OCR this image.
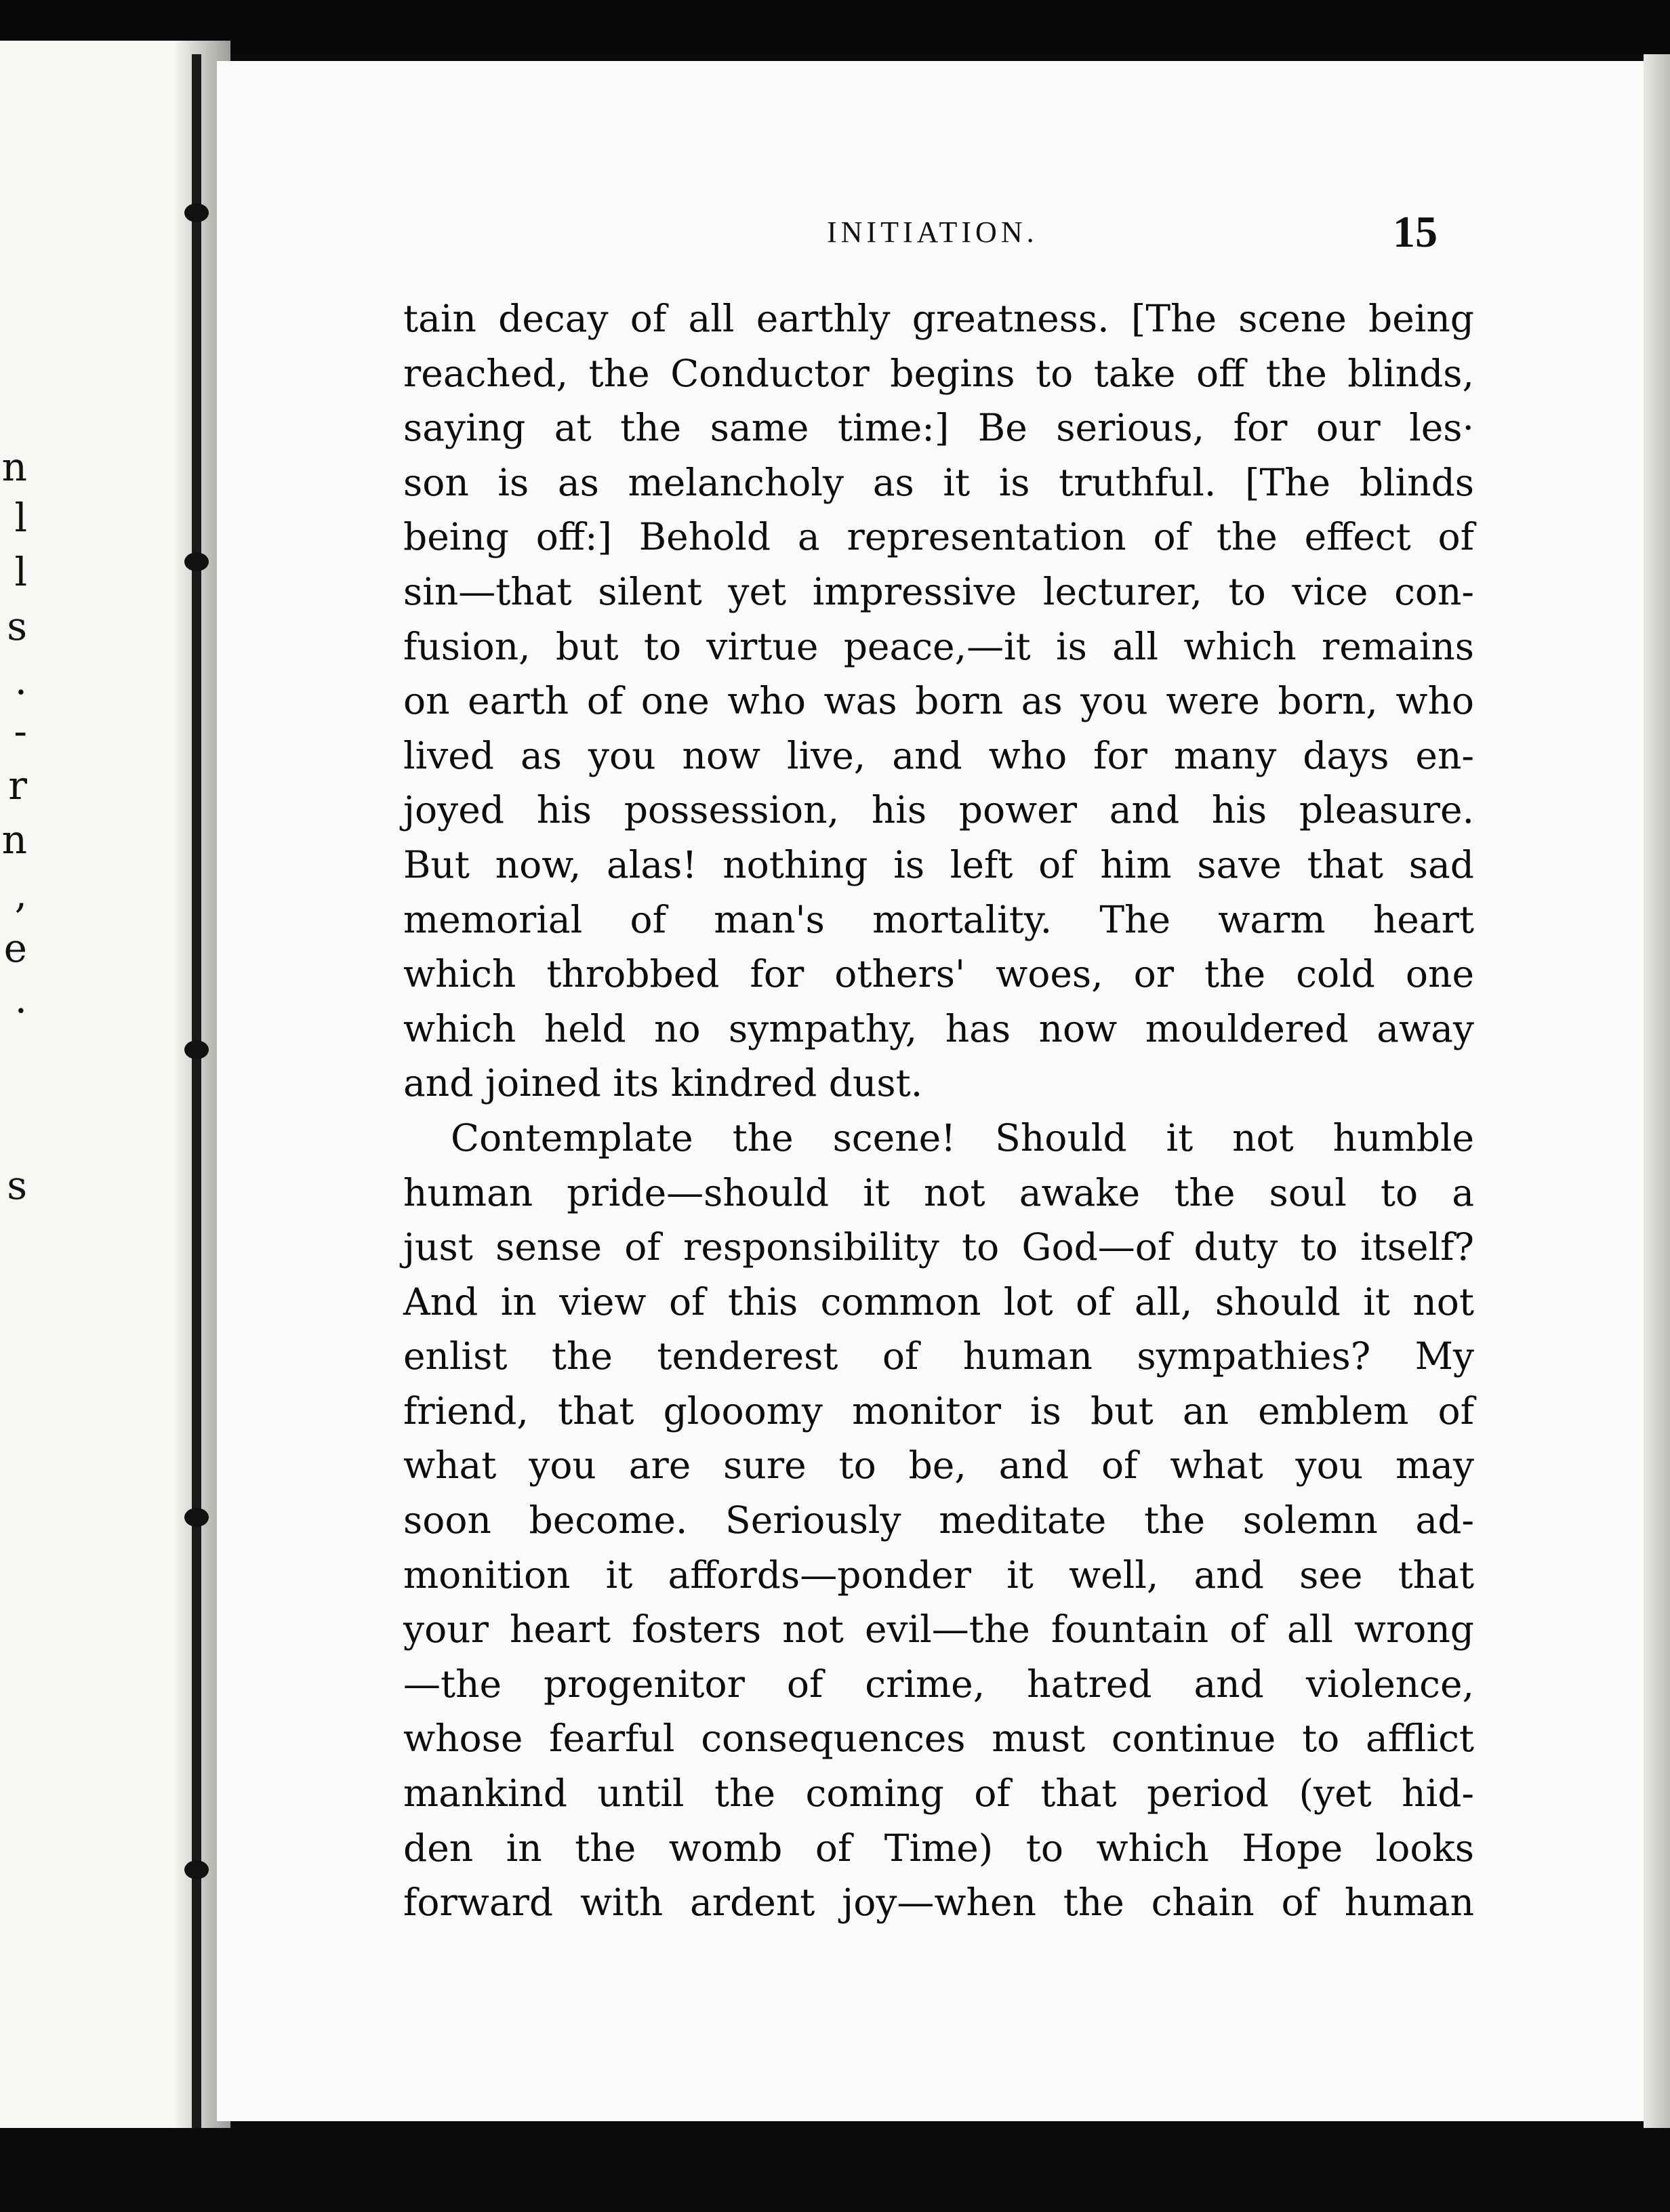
n
l
l
s
.
-
r
n
,
e
.
s
INITIATION.	15
tain decay of all earthly greatness. [The scene being
reached, the Conductor begins to take off the blinds,
saying at the same time:] Be serious, for our les·
son is as melancholy as it is truthful. [The blinds
being off:] Behold a representation of the effect of
sin—that silent yet impressive lecturer, to vice con-
fusion, but to virtue peace,—it is all which remains
on earth of one who was born as you were born, who
lived as you now live, and who for many days en-
joyed his possession, his power and his pleasure.
But now, alas! nothing is left of him save that sad
memorial of man's mortality. The warm heart
which throbbed for others' woes, or the cold one
which held no sympathy, has now mouldered away
and joined its kindred dust.
Contemplate the scene! Should it not humble
human pride—should it not awake the soul to a
just sense of responsibility to God—of duty to itself?
And in view of this common lot of all, should it not
enlist the tenderest of human sympathies? My
friend, that glooomy monitor is but an emblem of
what you are sure to be, and of what you may
soon become. Seriously meditate the solemn ad-
monition it affords—ponder it well, and see that
your heart fosters not evil—the fountain of all wrong
—the progenitor of crime, hatred and violence,
whose fearful consequences must continue to afflict
mankind until the coming of that period (yet hid-
den in the womb of Time) to which Hope looks
forward with ardent joy—when the chain of human
